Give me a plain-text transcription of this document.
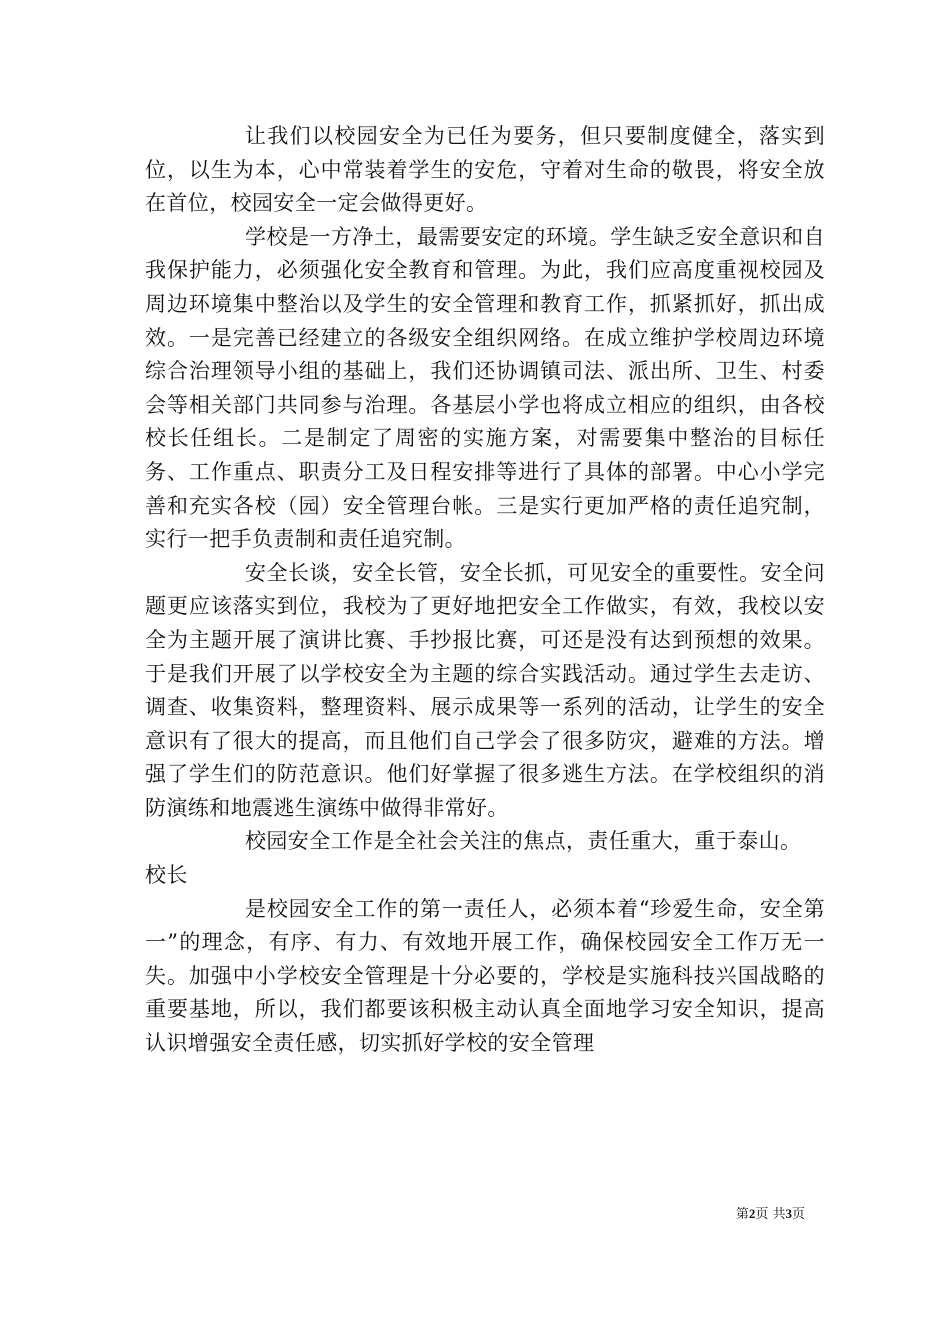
让我们以校园安全为已任为要务，但只要制度健全，落实到位，以生为本，心中常装着学生的安危，守着对生命的敬畏，将安全放在首位，校园安全一定会做得更好。

学校是一方净土，最需要安定的环境。学生缺乏安全意识和自我保护能力，必须强化安全教育和管理。为此，我们应高度重视校园及周边环境集中整治以及学生的安全管理和教育工作，抓紧抓好，抓出成效。一是完善已经建立的各级安全组织网络。在成立维护学校周边环境综合治理领导小组的基础上，我们还协调镇司法、派出所、卫生、村委会等相关部门共同参与治理。各基层小学也将成立相应的组织，由各校校长任组长。二是制定了周密的实施方案，对需要集中整治的目标任务、工作重点、职责分工及日程安排等进行了具体的部署。中心小学完善和充实各校（园）安全管理台帐。三是实行更加严格的责任追究制，实行一把手负责制和责任追究制。

安全长谈，安全长管，安全长抓，可见安全的重要性。安全问题更应该落实到位，我校为了更好地把安全工作做实，有效，我校以安全为主题开展了演讲比赛、手抄报比赛，可还是没有达到预想的效果。于是我们开展了以学校安全为主题的综合实践活动。通过学生去走访、调查、收集资料，整理资料、展示成果等一系列的活动，让学生的安全意识有了很大的提高，而且他们自己学会了很多防灾，避难的方法。增强了学生们的防范意识。他们好掌握了很多逃生方法。在学校组织的消防演练和地震逃生演练中做得非常好。

校园安全工作是全社会关注的焦点，责任重大，重于泰山。

校长

是校园安全工作的第一责任人，必须本着“珍爱生命，安全第一”的理念，有序、有力、有效地开展工作，确保校园安全工作万无一失。加强中小学校安全管理是十分必要的，学校是实施科技兴国战略的重要基地，所以，我们都要该积极主动认真全面地学习安全知识，提高认识增强安全责任感，切实抓好学校的安全管理

第2页 共3页
